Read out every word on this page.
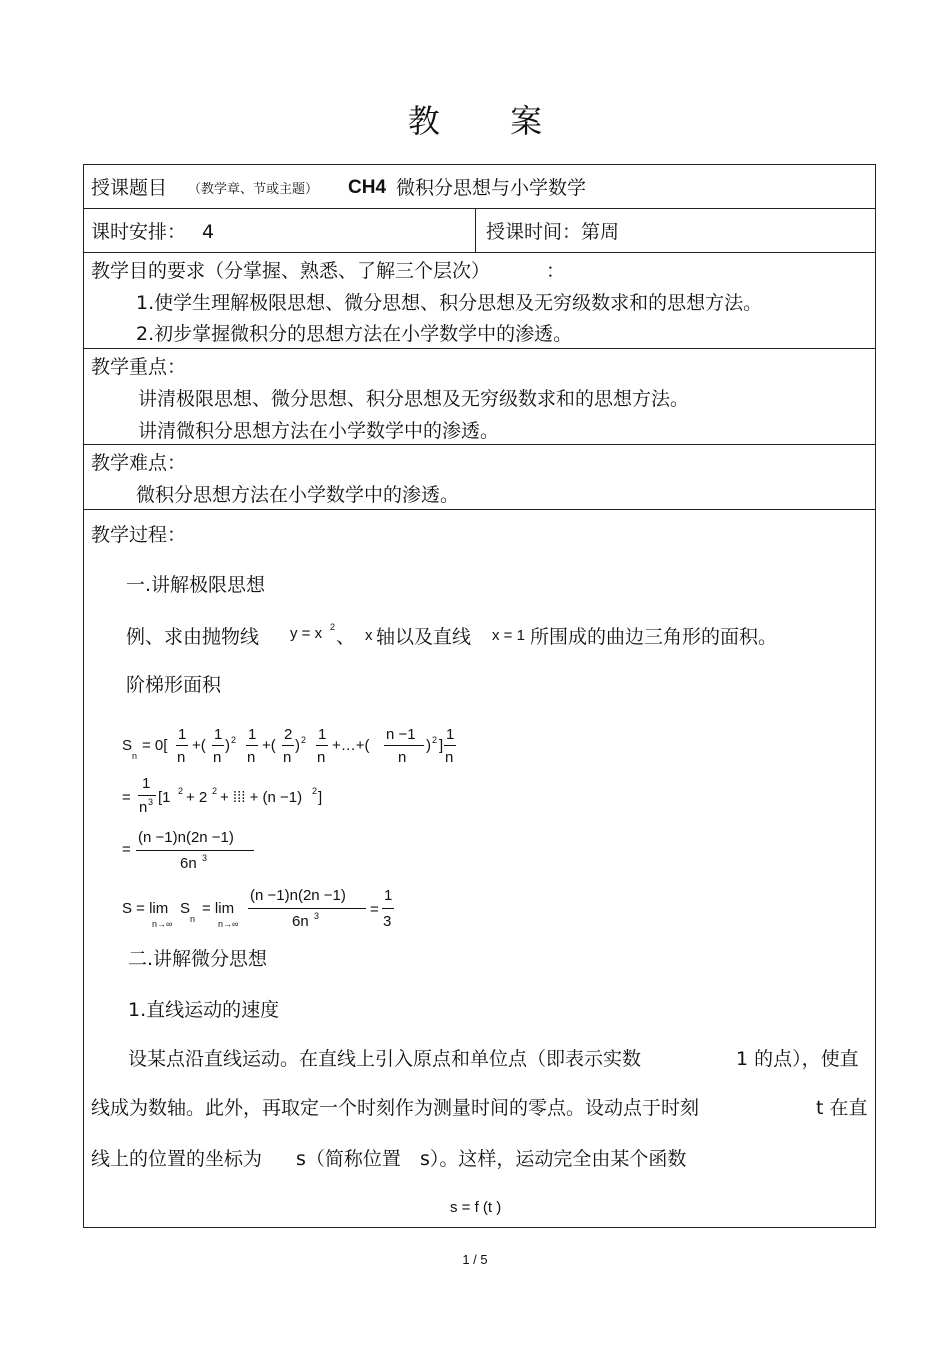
教 案
授课题目 （教学章、节或主题） CH4 微积分思想与小学数学
课时安排： 4	授课时间：第周
教学目的要求（分掌握、熟悉、了解三个层次）	：
1.使学生理解极限思想、微分思想、积分思想及无穷级数求和的思想方法。
2.初步掌握微积分的思想方法在小学数学中的渗透。
教学重点：
讲清极限思想、微分思想、积分思想及无穷级数求和的思想方法。
讲清微积分思想方法在小学数学中的渗透。
教学难点：
微积分思想方法在小学数学中的渗透。
教学过程：
一.讲解极限思想
例、求由抛物线 y = x 2 、 x 轴以及直线 x = 1 所围成的曲边三角形的面积。
阶梯形面积
S
n
= 0[
1
n
+(
1
n
) 2 1
n
+(
2
n
) 2 1
n
+…+(
n −1
n
) 2 ]
1
n
=
1
n 3 [1 2 + 2 2 + ⁞⁞⁞ + (n −1) 2 ]
=
(n −1)n(2n −1)
6n 3
S = lim
n→∞
S
n
= lim
n→∞
(n −1)n(2n −1)
6n 3	=
1
3
二.讲解微分思想
1.直线运动的速度
设某点沿直线运动。在直线上引入原点和单位点（即表示实数	1 的点），使直
线成为数轴。此外，再取定一个时刻作为测量时间的零点。设动点于时刻	t 在直
线上的位置的坐标为 s（简称位置 s）。这样，运动完全由某个函数
s = f (t )
1 / 5
